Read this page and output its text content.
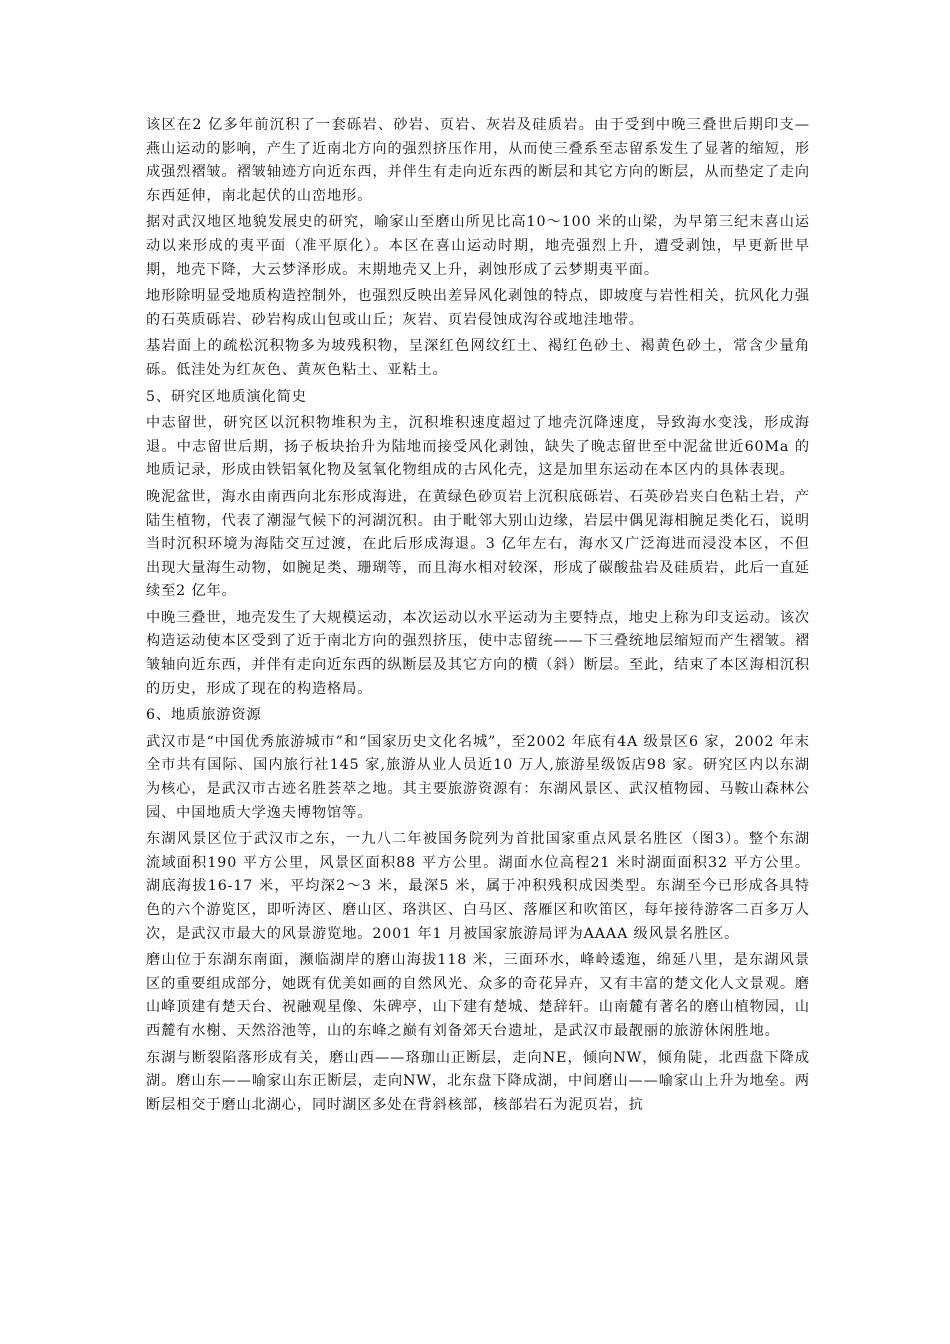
该区在2 亿多年前沉积了一套砾岩、砂岩、页岩、灰岩及硅质岩。由于受到中晚三叠世后期印支—燕山运动的影响，产生了近南北方向的强烈挤压作用，从而使三叠系至志留系发生了显著的缩短，形成强烈褶皱。褶皱轴迹方向近东西，并伴生有走向近东西的断层和其它方向的断层，从而垫定了走向东西延伸，南北起伏的山峦地形。

据对武汉地区地貌发展史的研究，喻家山至磨山所见比高10～100 米的山梁，为早第三纪末喜山运动以来形成的夷平面（准平原化）。本区在喜山运动时期，地壳强烈上升，遭受剥蚀，早更新世早期，地壳下降，大云梦泽形成。末期地壳又上升，剥蚀形成了云梦期夷平面。

地形除明显受地质构造控制外，也强烈反映出差异风化剥蚀的特点，即坡度与岩性相关，抗风化力强的石英质砾岩、砂岩构成山包或山丘；灰岩、页岩侵蚀成沟谷或地洼地带。

基岩面上的疏松沉积物多为坡残积物，呈深红色网纹红土、褐红色砂土、褐黄色砂土，常含少量角砾。低洼处为红灰色、黄灰色粘土、亚粘土。

5、研究区地质演化简史

中志留世，研究区以沉积物堆积为主，沉积堆积速度超过了地壳沉降速度，导致海水变浅，形成海退。中志留世后期，扬子板块抬升为陆地而接受风化剥蚀，缺失了晚志留世至中泥盆世近60Ma 的地质记录，形成由铁铝氧化物及氢氧化物组成的古风化壳，这是加里东运动在本区内的具体表现。

晚泥盆世，海水由南西向北东形成海进，在黄绿色砂页岩上沉积底砾岩、石英砂岩夹白色粘土岩，产陆生植物，代表了潮湿气候下的河湖沉积。由于毗邻大别山边缘，岩层中偶见海相腕足类化石，说明当时沉积环境为海陆交互过渡，在此后形成海退。3 亿年左右，海水又广泛海进而浸没本区，不但出现大量海生动物，如腕足类、珊瑚等，而且海水相对较深，形成了碳酸盐岩及硅质岩，此后一直延续至2 亿年。

中晚三叠世，地壳发生了大规模运动，本次运动以水平运动为主要特点，地史上称为印支运动。该次构造运动使本区受到了近于南北方向的强烈挤压，使中志留统——下三叠统地层缩短而产生褶皱。褶皱轴向近东西，并伴有走向近东西的纵断层及其它方向的横（斜）断层。至此，结束了本区海相沉积的历史，形成了现在的构造格局。

6、地质旅游资源

武汉市是“中国优秀旅游城市”和“国家历史文化名城”，至2002 年底有4A 级景区6 家，2002 年末全市共有国际、国内旅行社145 家,旅游从业人员近10 万人,旅游星级饭店98 家。研究区内以东湖为核心，是武汉市古迹名胜荟萃之地。其主要旅游资源有：东湖风景区、武汉植物园、马鞍山森林公园、中国地质大学逸夫博物馆等。

东湖风景区位于武汉市之东，一九八二年被国务院列为首批国家重点风景名胜区（图3）。整个东湖流域面积190 平方公里，风景区面积88 平方公里。湖面水位高程21 米时湖面面积32 平方公里。湖底海拔16-17 米，平均深2～3 米，最深5 米，属于冲积残积成因类型。东湖至今已形成各具特色的六个游览区，即听涛区、磨山区、珞洪区、白马区、落雁区和吹笛区，每年接待游客二百多万人次，是武汉市最大的风景游览地。2001 年1 月被国家旅游局评为AAAA 级风景名胜区。

磨山位于东湖东南面，濒临湖岸的磨山海拔118 米，三面环水，峰岭逶迤，绵延八里，是东湖风景区的重要组成部分，她既有优美如画的自然风光、众多的奇花异卉，又有丰富的楚文化人文景观。磨山峰顶建有楚天台、祝融观星像、朱碑亭，山下建有楚城、楚辞轩。山南麓有著名的磨山植物园，山西麓有水榭、天然浴池等，山的东峰之巅有刘备郊天台遗址，是武汉市最靓丽的旅游休闲胜地。

东湖与断裂陷落形成有关，磨山西——珞珈山正断层，走向NE，倾向NW，倾角陡，北西盘下降成湖。磨山东——喻家山东正断层，走向NW，北东盘下降成湖，中间磨山——喻家山上升为地垒。两断层相交于磨山北湖心，同时湖区多处在背斜核部，核部岩石为泥页岩，抗
